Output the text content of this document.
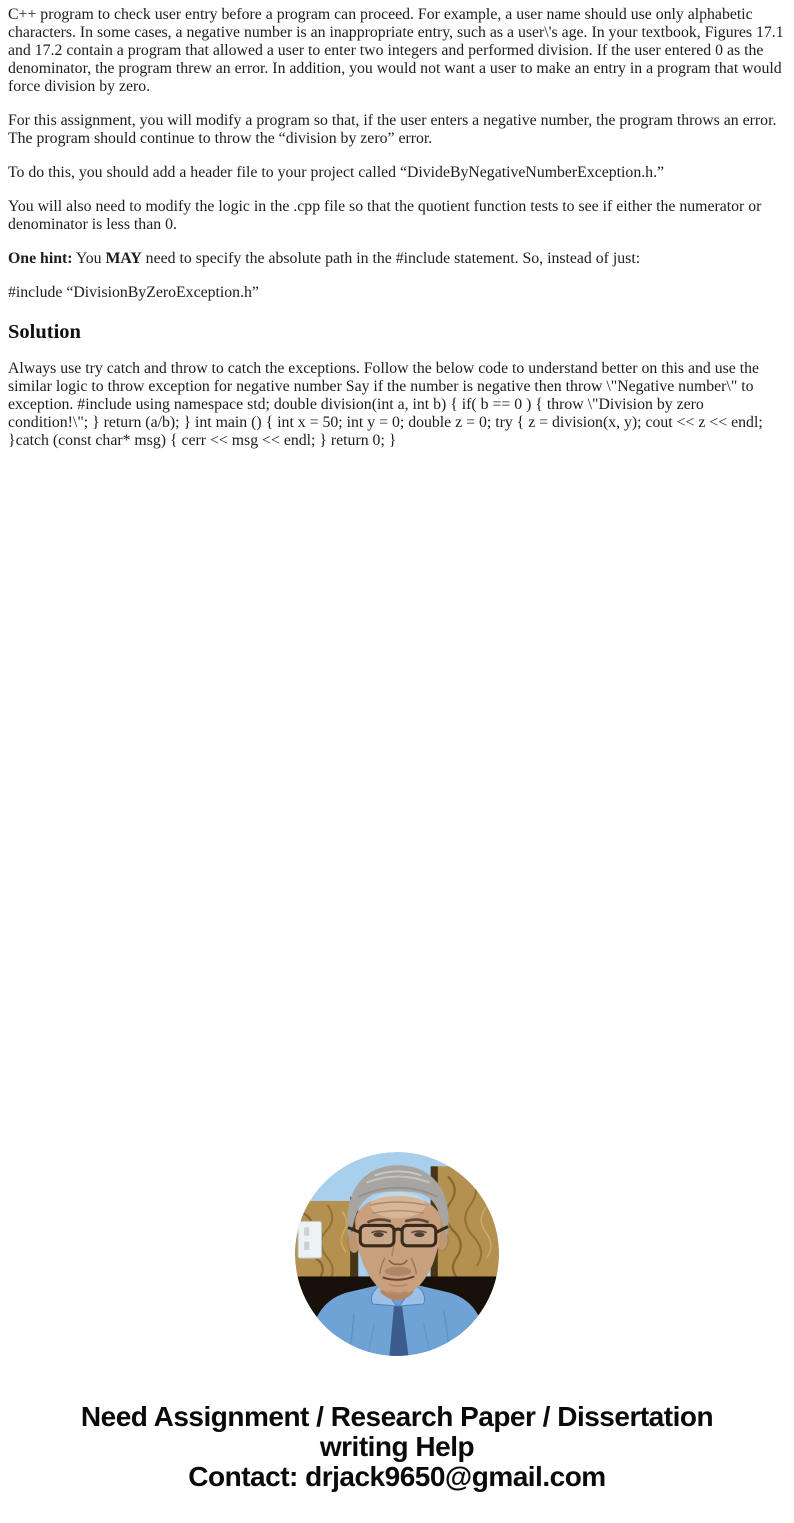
C++ program to check user entry before a program can proceed. For example, a user name should use only alphabetic characters. In some cases, a negative number is an inappropriate entry, such as a user\'s age. In your textbook, Figures 17.1 and 17.2 contain a program that allowed a user to enter two integers and performed division. If the user entered 0 as the denominator, the program threw an error. In addition, you would not want a user to make an entry in a program that would force division by zero.

For this assignment, you will modify a program so that, if the user enters a negative number, the program throws an error. The program should continue to throw the “division by zero” error.

To do this, you should add a header file to your project called “DivideByNegativeNumberException.h.”

You will also need to modify the logic in the .cpp file so that the quotient function tests to see if either the numerator or denominator is less than 0.

One hint: You MAY need to specify the absolute path in the #include statement. So, instead of just:

#include “DivisionByZeroException.h”

Solution

Always use try catch and throw to catch the exceptions. Follow the below code to understand better on this and use the similar logic to throw exception for negative number Say if the number is negative then throw \"Negative number\" to exception. #include using namespace std; double division(int a, int b) { if( b == 0 ) { throw \"Division by zero condition!\"; } return (a/b); } int main () { int x = 50; int y = 0; double z = 0; try { z = division(x, y); cout << z << endl; }catch (const char* msg) { cerr << msg << endl; } return 0; }

Need Assignment / Research Paper / Dissertation
writing Help
Contact: drjack9650@gmail.com
